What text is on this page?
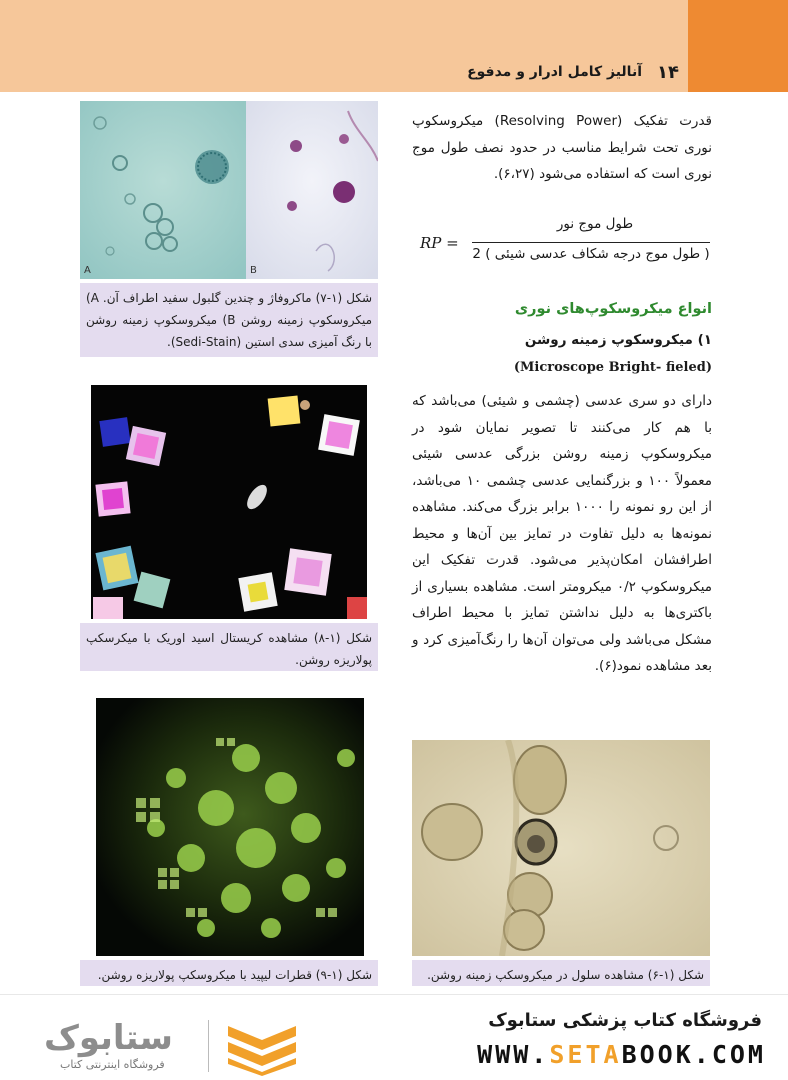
۱۴
آنالیز کامل ادرار و مدفوع

قدرت تفکیک (Resolving Power) میکروسکوپ نوری تحت شرایط مناسب در حدود نصف طول موج نوری است که استفاده می‌شود (۶،۲۷).

RP =
طول موج نور
( طول موج درجه شکاف عدسی شیئی ) 2
انواع میکروسکوپ‌های نوری
۱) میکروسکوپ زمینه روشن
(Microscope Bright- fieled)

دارای دو سری عدسی (چشمی و شیئی) می‌باشد که با هم کار می‌کنند تا تصویر نمایان شود در میکروسکوپ زمینه روشن بزرگی عدسی شیئی معمولاً ۱۰۰ و بزرگنمایی عدسی چشمی ۱۰ می‌باشد، از این رو نمونه را ۱۰۰۰ برابر بزرگ می‌کند. مشاهده نمونه‌ها به دلیل تفاوت در تمایز بین آن‌ها و محیط اطرافشان امکان‌پذیر می‌شود. قدرت تفکیک این میکروسکوپ ۰/۲ میکرومتر است. مشاهده بسیاری از باکتری‌ها به دلیل نداشتن تمایز با محیط اطراف مشکل می‌باشد ولی می‌توان آن‌ها را رنگ‌آمیزی کرد و بعد مشاهده نمود(۶).

A	B
شکل (۱-۷) ماکروفاژ و چندین گلبول سفید اطراف آن. A) میکروسکوپ زمینه روشن B) میکروسکوپ زمینه روشن با رنگ آمیزی سدی استین (Sedi-Stain).
شکل (۱-۸) مشاهده کریستال اسید اوریک با میکرسکپ پولاریزه روشن.
شکل (۱-۹) قطرات لیپید با میکروسکپ پولاریزه روشن.	شکل (۱-۶) مشاهده سلول در میکروسکپ زمینه روشن.
فروشگاه کتاب پزشکی ستابوک
WWW.SETABOOK.COM
ستابوک
فروشگاه اینترنتی کتاب
